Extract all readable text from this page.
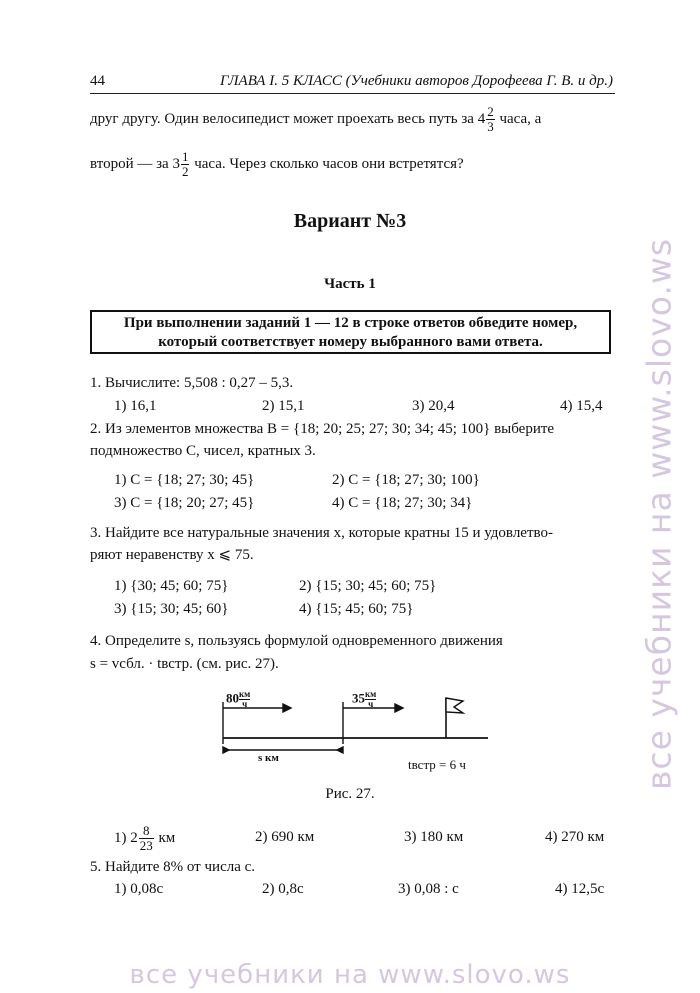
44	ГЛАВА I. 5 КЛАСС (Учебники авторов Дорофеева Г. В. и др.)
друг другу. Один велосипедист может проехать весь путь за $4 \frac{2}{3}$ часа, а
второй — за $3 \frac{1}{2}$ часа. Через сколько часов они встретятся?
Вариант №3
Часть 1
При выполнении заданий 1 — 12 в строке ответов обведите номер,
который соответствует номеру выбранного вами ответа.
1. Вычислите: 5,508 : 0,27 – 5,3.
1) 16,1	2) 15,1	3) 20,4	4) 15,4
2. Из элементов множества B = {18; 20; 25; 27; 30; 34; 45; 100} выберите
подмножество C, чисел, кратных 3.
1) C = {18; 27; 30; 45}	2) C = {18; 27; 30; 100}
3) C = {18; 20; 27; 45}	4) C = {18; 27; 30; 34}
3. Найдите все натуральные значения x, которые кратны 15 и удовлетво-
ряют неравенству x ⩽ 75.
1) {30; 45; 60; 75}	2) {15; 30; 45; 60; 75}
3) {15; 30; 45; 60}	4) {15; 45; 60; 75}
4. Определите s, пользуясь формулой одновременного движения
s = vсбл. · tвстр. (см. рис. 27).
80 км
ч	35 км
ч
s км	tвстр = 6 ч
Рис. 27.
1) $2 \frac{8}{23}$ км	2) 690 км	3) 180 км	4) 270 км
5. Найдите 8% от числа c.
1) 0,08c	2) 0,8c	3) 0,08 : c	4) 12,5c
все учебники на www.slovo.ws
все учебники на www.slovo.ws
